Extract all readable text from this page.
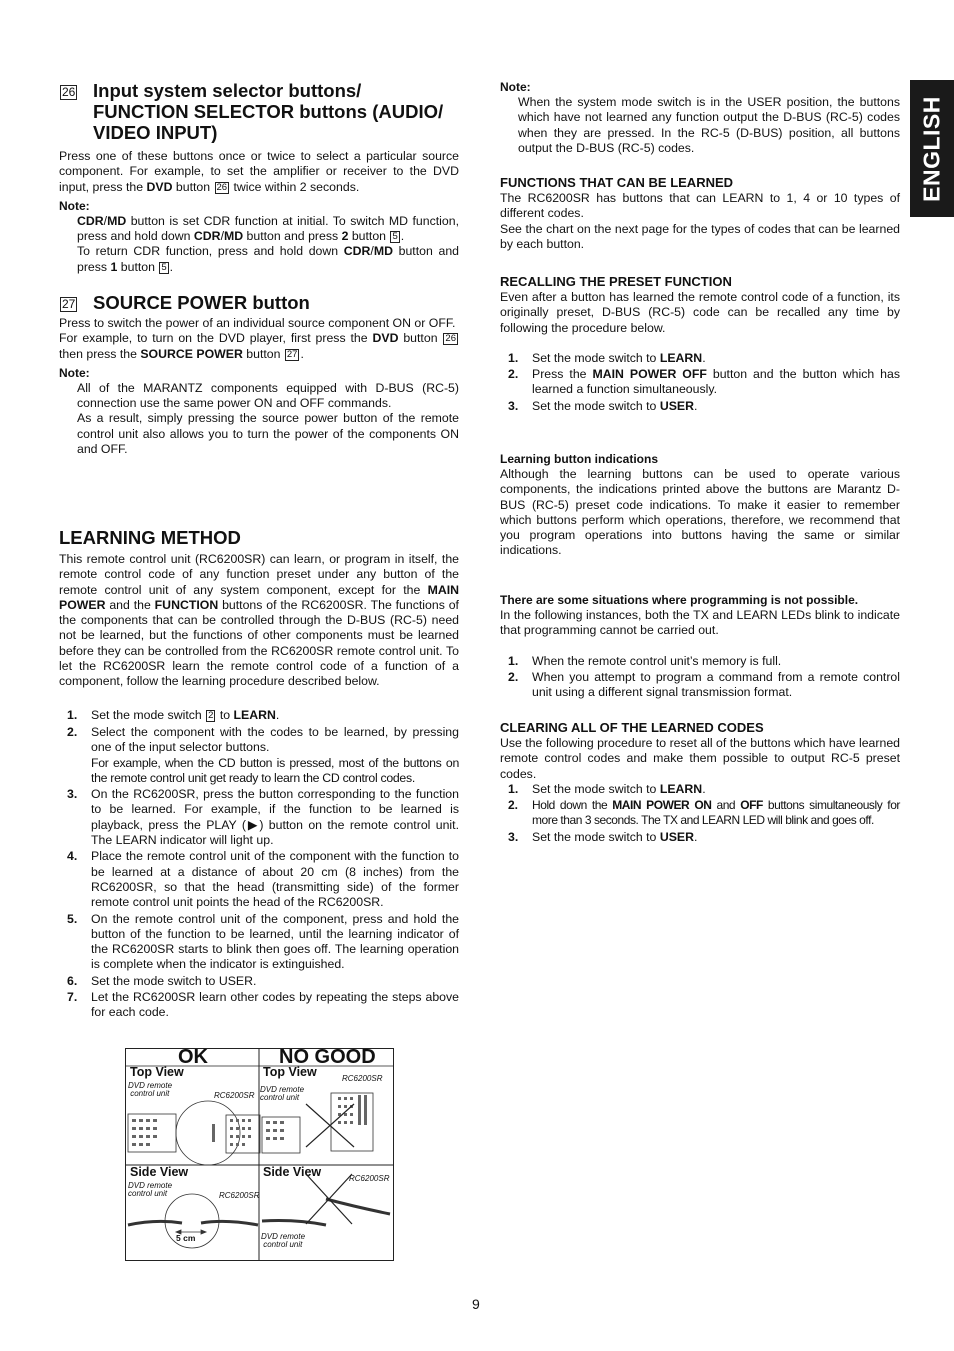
ENGLISH
26 Input system selector buttons/ FUNCTION SELECTOR buttons (AUDIO/ VIDEO INPUT)

Press one of these buttons once or twice to select a particular source component. For example, to set the amplifier or receiver to the DVD input, press the DVD button 26 twice within 2 seconds.

Note:

CDR/MD button is set CDR function at initial. To switch MD function, press and hold down CDR/MD button and press 2 button 5 .

To return CDR function, press and hold down CDR/MD button and press 1 button 5 .

27 SOURCE POWER button

Press to switch the power of an individual source component ON or OFF.

For example, to turn on the DVD player, first press the DVD button 26 then press the SOURCE POWER button 27 .

Note:

All of the MARANTZ components equipped with D-BUS (RC-5) connection use the same power ON and OFF commands.

As a result, simply pressing the source power button of the remote control unit also allows you to turn the power of the components ON and OFF.

LEARNING METHOD

This remote control unit (RC6200SR) can learn, or program in itself, the remote control code of any function preset under any button of the remote control unit of any system component, except for the MAIN POWER and the FUNCTION buttons of the RC6200SR. The functions of the components that can be controlled through the D-BUS (RC-5) need not be learned, but the functions of other components must be learned before they can be controlled from the RC6200SR remote control unit. To let the RC6200SR learn the remote control code of a function of a component, follow the learning procedure described below.

1. Set the mode switch 2 to LEARN.
2. Select the component with the codes to be learned, by pressing one of the input selector buttons.
For example, when the CD button is pressed, most of the buttons on the remote control unit get ready to learn the CD control codes.
3. On the RC6200SR, press the button corresponding to the function to be learned. For example, if the function to be learned is playback, press the PLAY (▶) button on the remote control unit. The LEARN indicator will light up.
4. Place the remote control unit of the component with the function to be learned at a distance of about 20 cm (8 inches) from the RC6200SR, so that the head (transmitting side) of the former remote control unit points the head of the RC6200SR.
5. On the remote control unit of the component, press and hold the button of the function to be learned, until the learning indicator of the RC6200SR starts to blink then goes off. The learning operation is complete when the indicator is extinguished.
6. Set the mode switch to USER.
7. Let the RC6200SR learn other codes by repeating the steps above for each code.
OK	NO GOOD
Top View	Top View
DVD remote
control unit	RC6200SR
DVD remote
control unit
RC6200SR
Side View	Side View
DVD remote
control unit	RC6200SR
5 cm
RC6200SR
DVD remote
control unit
Note:

When the system mode switch is in the USER position, the buttons which have not learned any function output the D-BUS (RC-5) codes when they are pressed. In the RC-5 (D-BUS) position, all buttons output the D-BUS (RC-5) codes.

FUNCTIONS THAT CAN BE LEARNED

The RC6200SR has buttons that can LEARN to 1, 4 or 10 types of different codes.

See the chart on the next page for the types of codes that can be learned by each button.

RECALLING THE PRESET FUNCTION

Even after a button has learned the remote control code of a function, its originally preset, D-BUS (RC-5) code can be recalled any time by following the procedure below.

1. Set the mode switch to LEARN.
2. Press the MAIN POWER OFF button and the button which has learned a function simultaneously.
3. Set the mode switch to USER.
Learning button indications

Although the learning buttons can be used to operate various components, the indications printed above the buttons are Marantz D-BUS (RC-5) preset code indications. To make it easier to remember which buttons perform which operations, therefore, we recommend that you program operations into buttons having the same or similar indications.

There are some situations where programming is not possible.

In the following instances, both the TX and LEARN LEDs blink to indicate that programming cannot be carried out.

1. When the remote control unit’s memory is full.
2. When you attempt to program a command from a remote control unit using a different signal transmission format.
CLEARING ALL OF THE LEARNED CODES

Use the following procedure to reset all of the buttons which have learned remote control codes and make them possible to output RC-5 preset codes.

1. Set the mode switch to LEARN.
2. Hold down the MAIN POWER ON and OFF buttons simultaneously for more than 3 seconds. The TX and LEARN LED will blink and goes off.
3. Set the mode switch to USER.
9
